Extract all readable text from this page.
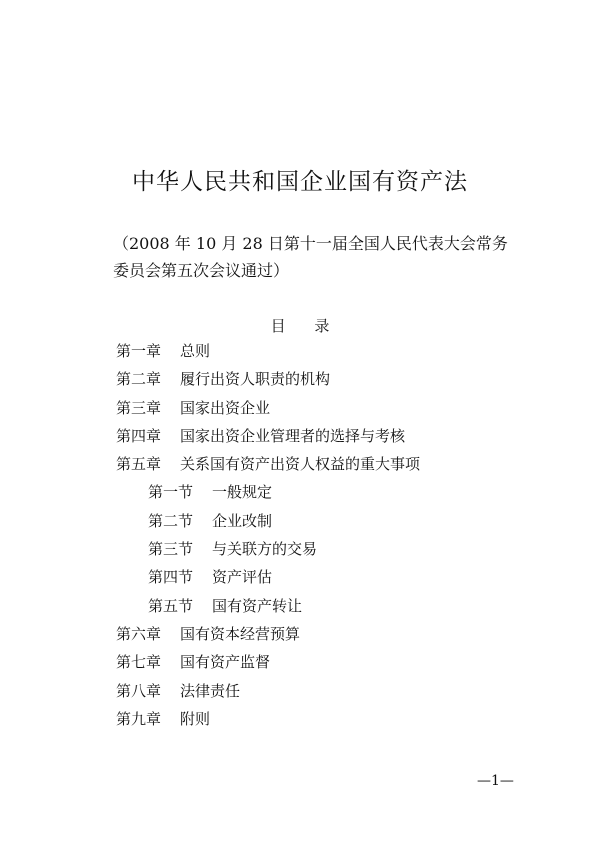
中华人民共和国企业国有资产法
（2008 年 10 月 28 日第十一届全国人民代表大会常务
委员会第五次会议通过）
目 录
第一章 总则
第二章 履行出资人职责的机构
第三章 国家出资企业
第四章 国家出资企业管理者的选择与考核
第五章 关系国有资产出资人权益的重大事项
第一节 一般规定
第二节 企业改制
第三节 与关联方的交易
第四节 资产评估
第五节 国有资产转让
第六章 国有资本经营预算
第七章 国有资产监督
第八章 法律责任
第九章 附则
—1—
